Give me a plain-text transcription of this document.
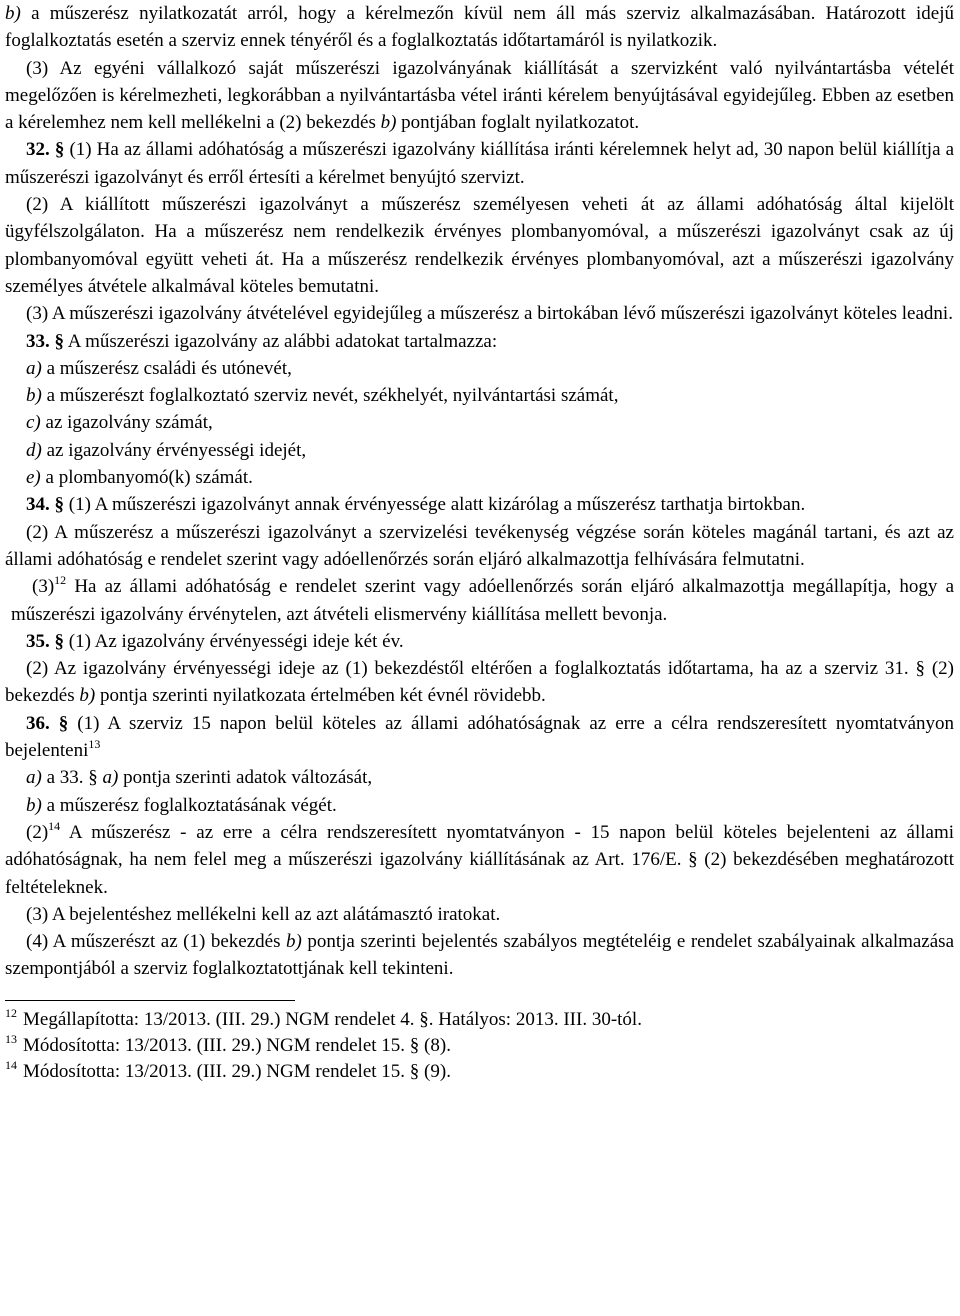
b) a műszerész nyilatkozatát arról, hogy a kérelmezőn kívül nem áll más szerviz alkalmazásában. Határozott idejű foglalkoztatás esetén a szerviz ennek tényéről és a foglalkoztatás időtartamáról is nyilatkozik.

(3) Az egyéni vállalkozó saját műszerészi igazolványának kiállítását a szervizként való nyilvántartásba vételét megelőzően is kérelmezheti, legkorábban a nyilvántartásba vétel iránti kérelem benyújtásával egyidejűleg. Ebben az esetben a kérelemhez nem kell mellékelni a (2) bekezdés b) pontjában foglalt nyilatkozatot.

32. § (1) Ha az állami adóhatóság a műszerészi igazolvány kiállítása iránti kérelemnek helyt ad, 30 napon belül kiállítja a műszerészi igazolványt és erről értesíti a kérelmet benyújtó szervizt.

(2) A kiállított műszerészi igazolványt a műszerész személyesen veheti át az állami adóhatóság által kijelölt ügyfélszolgálaton. Ha a műszerész nem rendelkezik érvényes plombanyomóval, a műszerészi igazolványt csak az új plombanyomóval együtt veheti át. Ha a műszerész rendelkezik érvényes plombanyomóval, azt a műszerészi igazolvány személyes átvétele alkalmával köteles bemutatni.

(3) A műszerészi igazolvány átvételével egyidejűleg a műszerész a birtokában lévő műszerészi igazolványt köteles leadni.

33. § A műszerészi igazolvány az alábbi adatokat tartalmazza:

a) a műszerész családi és utónevét,

b) a műszerészt foglalkoztató szerviz nevét, székhelyét, nyilvántartási számát,

c) az igazolvány számát,

d) az igazolvány érvényességi idejét,

e) a plombanyomó(k) számát.

34. § (1) A műszerészi igazolványt annak érvényessége alatt kizárólag a műszerész tarthatja birtokban.

(2) A műszerész a műszerészi igazolványt a szervizelési tevékenység végzése során köteles magánál tartani, és azt az állami adóhatóság e rendelet szerint vagy adóellenőrzés során eljáró alkalmazottja felhívására felmutatni.

$(3)^{12}$ Ha az állami adóhatóság e rendelet szerint vagy adóellenőrzés során eljáró alkalmazottja megállapítja, hogy a műszerészi igazolvány érvénytelen, azt átvételi elismervény kiállítása mellett bevonja.

35. § (1) Az igazolvány érvényességi ideje két év.

(2) Az igazolvány érvényességi ideje az (1) bekezdéstől eltérően a foglalkoztatás időtartama, ha az a szerviz 31. § (2) bekezdés b) pontja szerinti nyilatkozata értelmében két évnél rövidebb.

36. § (1) A szerviz 15 napon belül köteles az állami adóhatóságnak az erre a célra rendszeresített nyomtatványon bejelenteni$^{13}$

a) a 33. § a) pontja szerinti adatok változását,

b) a műszerész foglalkoztatásának végét.

$(2)^{14}$ A műszerész - az erre a célra rendszeresített nyomtatványon - 15 napon belül köteles bejelenteni az állami adóhatóságnak, ha nem felel meg a műszerészi igazolvány kiállításának az Art. 176/E. § (2) bekezdésében meghatározott feltételeknek.

(3) A bejelentéshez mellékelni kell az azt alátámasztó iratokat.

(4) A műszerészt az (1) bekezdés b) pontja szerinti bejelentés szabályos megtételéig e rendelet szabályainak alkalmazása szempontjából a szerviz foglalkoztatottjának kell tekinteni.

$^{12}$ Megállapította: 13/2013. (III. 29.) NGM rendelet 4. §. Hatályos: 2013. III. 30-tól.

$^{13}$ Módosította: 13/2013. (III. 29.) NGM rendelet 15. § (8).

$^{14}$ Módosította: 13/2013. (III. 29.) NGM rendelet 15. § (9).
